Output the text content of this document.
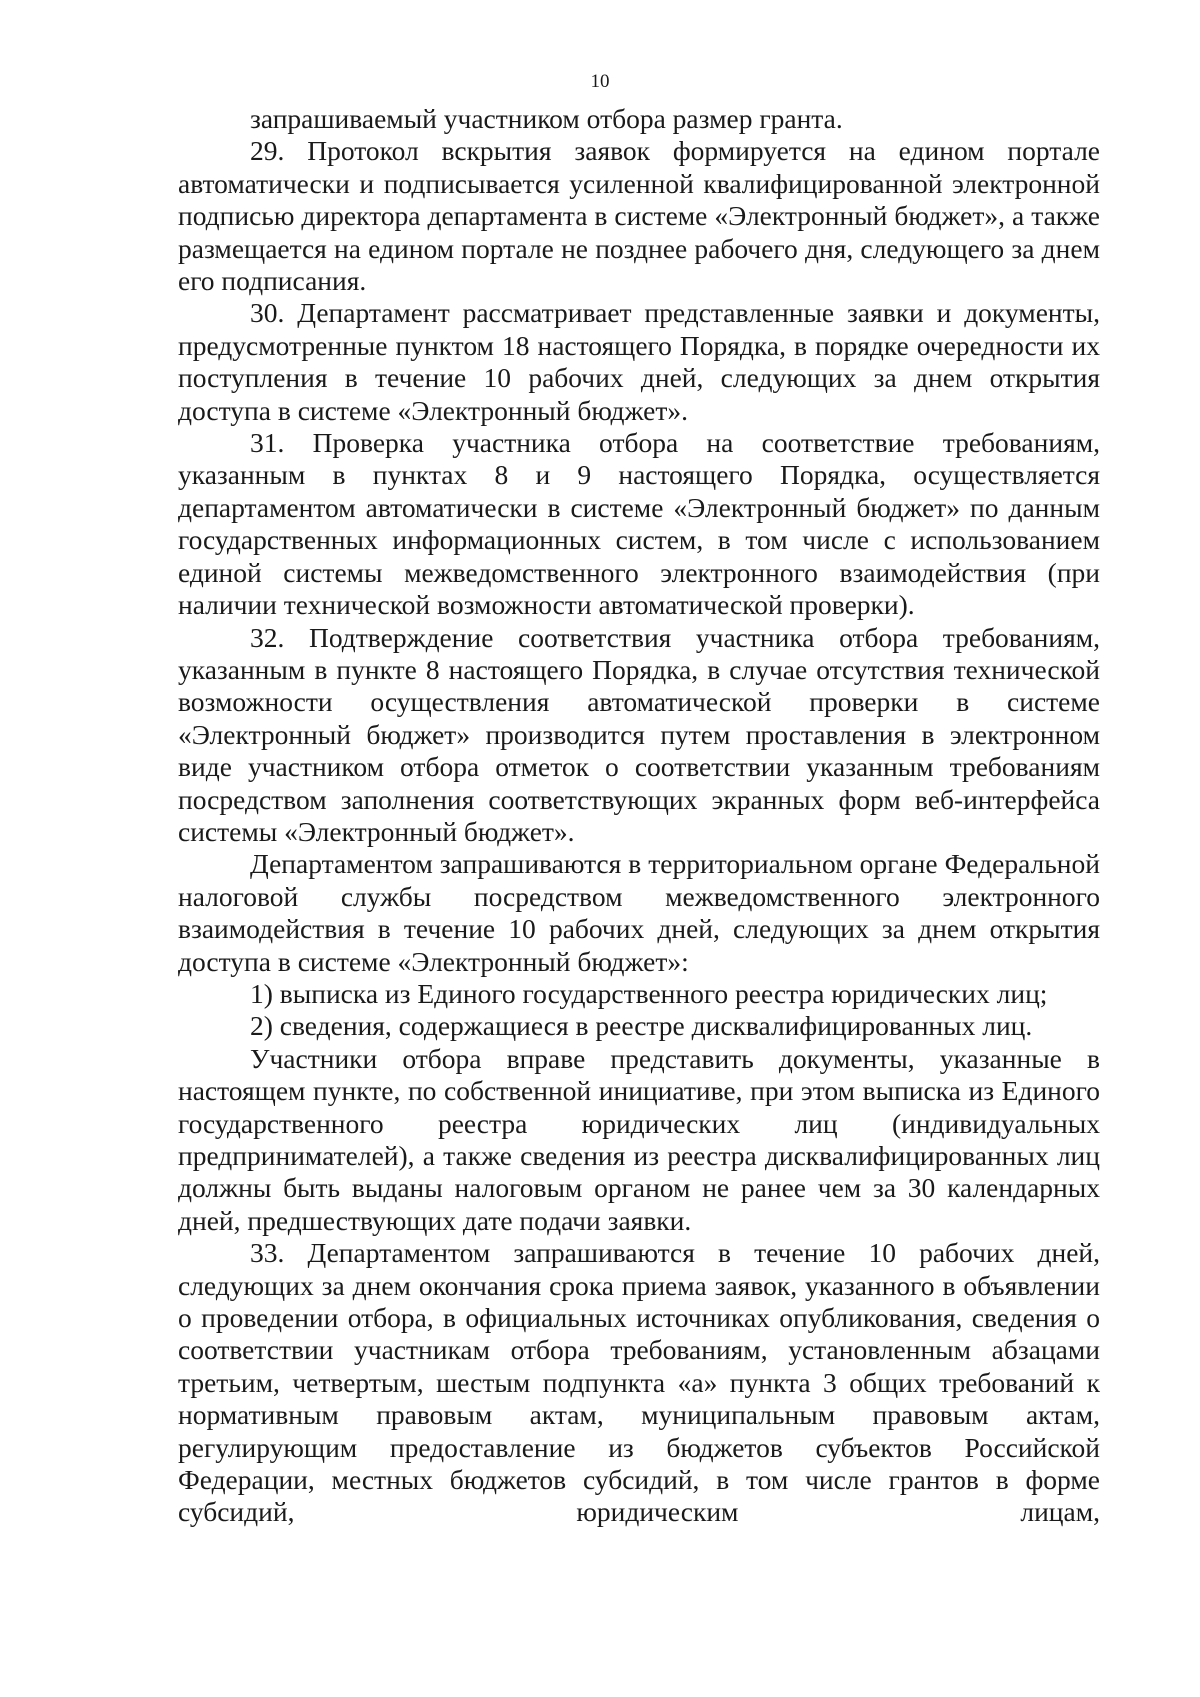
10

запрашиваемый участником отбора размер гранта.

29. Протокол вскрытия заявок формируется на едином портале автоматически и подписывается усиленной квалифицированной электронной подписью директора департамента в системе «Электронный бюджет», а также размещается на едином портале не позднее рабочего дня, следующего за днем его подписания.

30. Департамент рассматривает представленные заявки и документы, предусмотренные пунктом 18 настоящего Порядка, в порядке очередности их поступления в течение 10 рабочих дней, следующих за днем открытия доступа в системе «Электронный бюджет».

31. Проверка участника отбора на соответствие требованиям, указанным в пунктах 8 и 9 настоящего Порядка, осуществляется департаментом автоматически в системе «Электронный бюджет» по данным государственных информационных систем, в том числе с использованием единой системы межведомственного электронного взаимодействия (при наличии технической возможности автоматической проверки).

32. Подтверждение соответствия участника отбора требованиям, указанным в пункте 8 настоящего Порядка, в случае отсутствия технической возможности осуществления автоматической проверки в системе «Электронный бюджет» производится путем проставления в электронном виде участником отбора отметок о соответствии указанным требованиям посредством заполнения соответствующих экранных форм веб-интерфейса системы «Электронный бюджет».

Департаментом запрашиваются в территориальном органе Федеральной налоговой службы посредством межведомственного электронного взаимодействия в течение 10 рабочих дней, следующих за днем открытия доступа в системе «Электронный бюджет»:

1) выписка из Единого государственного реестра юридических лиц;

2) сведения, содержащиеся в реестре дисквалифицированных лиц.

Участники отбора вправе представить документы, указанные в настоящем пункте, по собственной инициативе, при этом выписка из Единого государственного реестра юридических лиц (индивидуальных предпринимателей), а также сведения из реестра дисквалифицированных лиц должны быть выданы налоговым органом не ранее чем за 30 календарных дней, предшествующих дате подачи заявки.

33. Департаментом запрашиваются в течение 10 рабочих дней, следующих за днем окончания срока приема заявок, указанного в объявлении о проведении отбора, в официальных источниках опубликования, сведения о соответствии участникам отбора требованиям, установленным абзацами третьим, четвертым, шестым подпункта «а» пункта 3 общих требований к нормативным правовым актам, муниципальным правовым актам, регулирующим предоставление из бюджетов субъектов Российской Федерации, местных бюджетов субсидий, в том числе грантов в форме субсидий, юридическим лицам,
